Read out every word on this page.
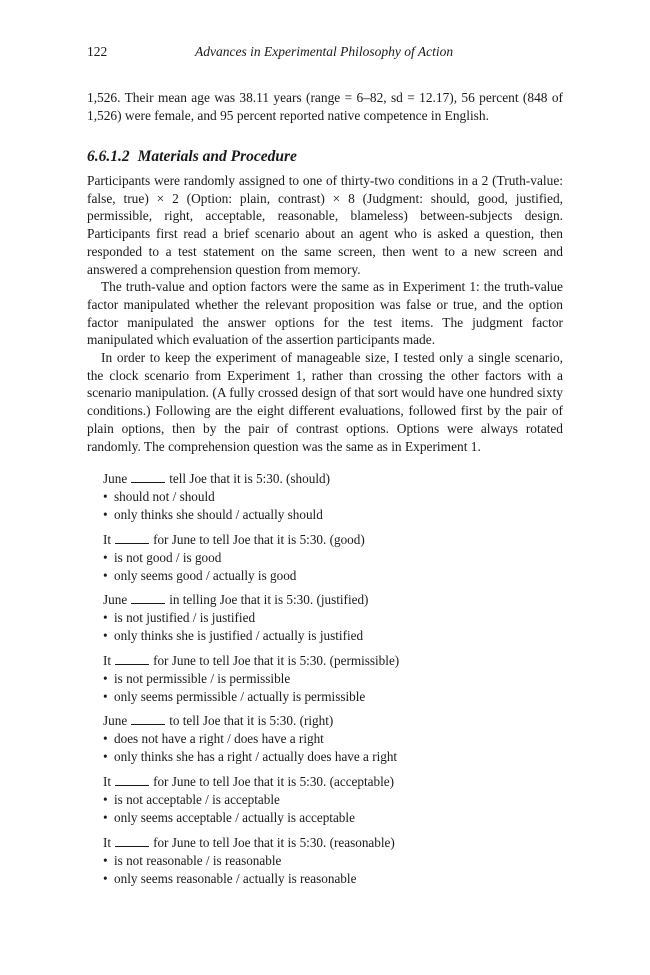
122	Advances in Experimental Philosophy of Action

1,526. Their mean age was 38.11 years (range = 6–82, sd = 12.17), 56 percent (848 of 1,526) were female, and 95 percent reported native competence in English.

6.6.1.2 Materials and Procedure

Participants were randomly assigned to one of thirty-two conditions in a 2 (Truth-value: false, true) × 2 (Option: plain, contrast) × 8 (Judgment: should, good, justified, permissible, right, acceptable, reasonable, blameless) between-subjects design. Participants first read a brief scenario about an agent who is asked a question, then responded to a test statement on the same screen, then went to a new screen and answered a comprehension question from memory.

The truth-value and option factors were the same as in Experiment 1: the truth-value factor manipulated whether the relevant proposition was false or true, and the option factor manipulated the answer options for the test items. The judgment factor manipulated which evaluation of the assertion participants made.

In order to keep the experiment of manageable size, I tested only a single scenario, the clock scenario from Experiment 1, rather than crossing the other factors with a scenario manipulation. (A fully crossed design of that sort would have one hundred sixty conditions.) Following are the eight different evaluations, followed first by the pair of plain options, then by the pair of contrast options. Options were always rotated randomly. The comprehension question was the same as in Experiment 1.

June	tell Joe that it is 5:30. (should)

• should not / should
• only thinks she should / actually should

It	for June to tell Joe that it is 5:30. (good)

• is not good / is good
• only seems good / actually is good

June	in telling Joe that it is 5:30. (justified)

• is not justified / is justified
• only thinks she is justified / actually is justified

It	for June to tell Joe that it is 5:30. (permissible)

• is not permissible / is permissible
• only seems permissible / actually is permissible

June	to tell Joe that it is 5:30. (right)

• does not have a right / does have a right
• only thinks she has a right / actually does have a right

It	for June to tell Joe that it is 5:30. (acceptable)

• is not acceptable / is acceptable
• only seems acceptable / actually is acceptable

It	for June to tell Joe that it is 5:30. (reasonable)

• is not reasonable / is reasonable
• only seems reasonable / actually is reasonable
